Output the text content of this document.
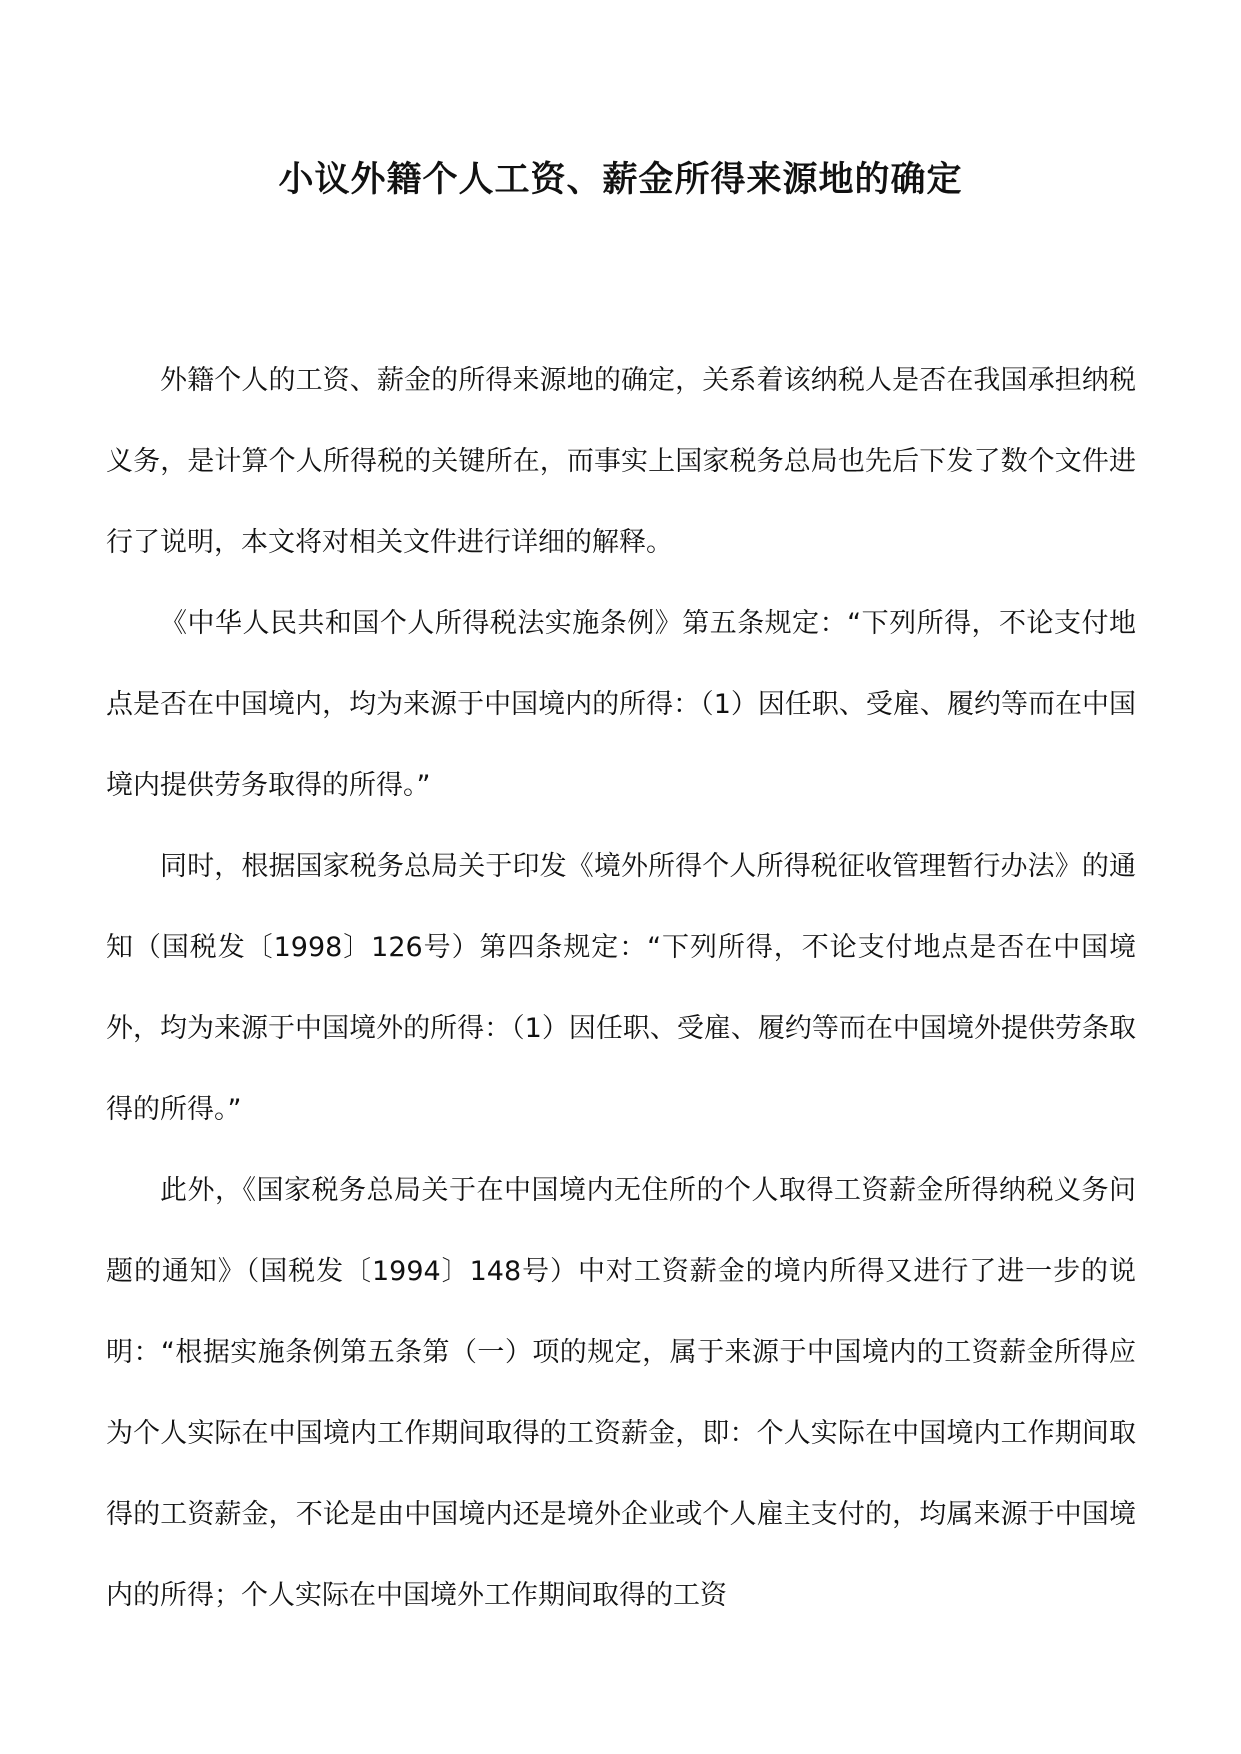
小议外籍个人工资、薪金所得来源地的确定

外籍个人的工资、薪金的所得来源地的确定，关系着该纳税人是否在我国承担纳税义务，是计算个人所得税的关键所在，而事实上国家税务总局也先后下发了数个文件进行了说明，本文将对相关文件进行详细的解释。

《中华人民共和国个人所得税法实施条例》第五条规定：“下列所得，不论支付地点是否在中国境内，均为来源于中国境内的所得：（1）因任职、受雇、履约等而在中国境内提供劳务取得的所得。”

同时，根据国家税务总局关于印发《境外所得个人所得税征收管理暂行办法》的通知（国税发〔1998〕126号）第四条规定：“下列所得，不论支付地点是否在中国境外，均为来源于中国境外的所得：（1）因任职、受雇、履约等而在中国境外提供劳条取得的所得。”

此外，《国家税务总局关于在中国境内无住所的个人取得工资薪金所得纳税义务问题的通知》（国税发〔1994〕148号）中对工资薪金的境内所得又进行了进一步的说明：“根据实施条例第五条第（一）项的规定，属于来源于中国境内的工资薪金所得应为个人实际在中国境内工作期间取得的工资薪金，即：个人实际在中国境内工作期间取得的工资薪金，不论是由中国境内还是境外企业或个人雇主支付的，均属来源于中国境内的所得；个人实际在中国境外工作期间取得的工资
